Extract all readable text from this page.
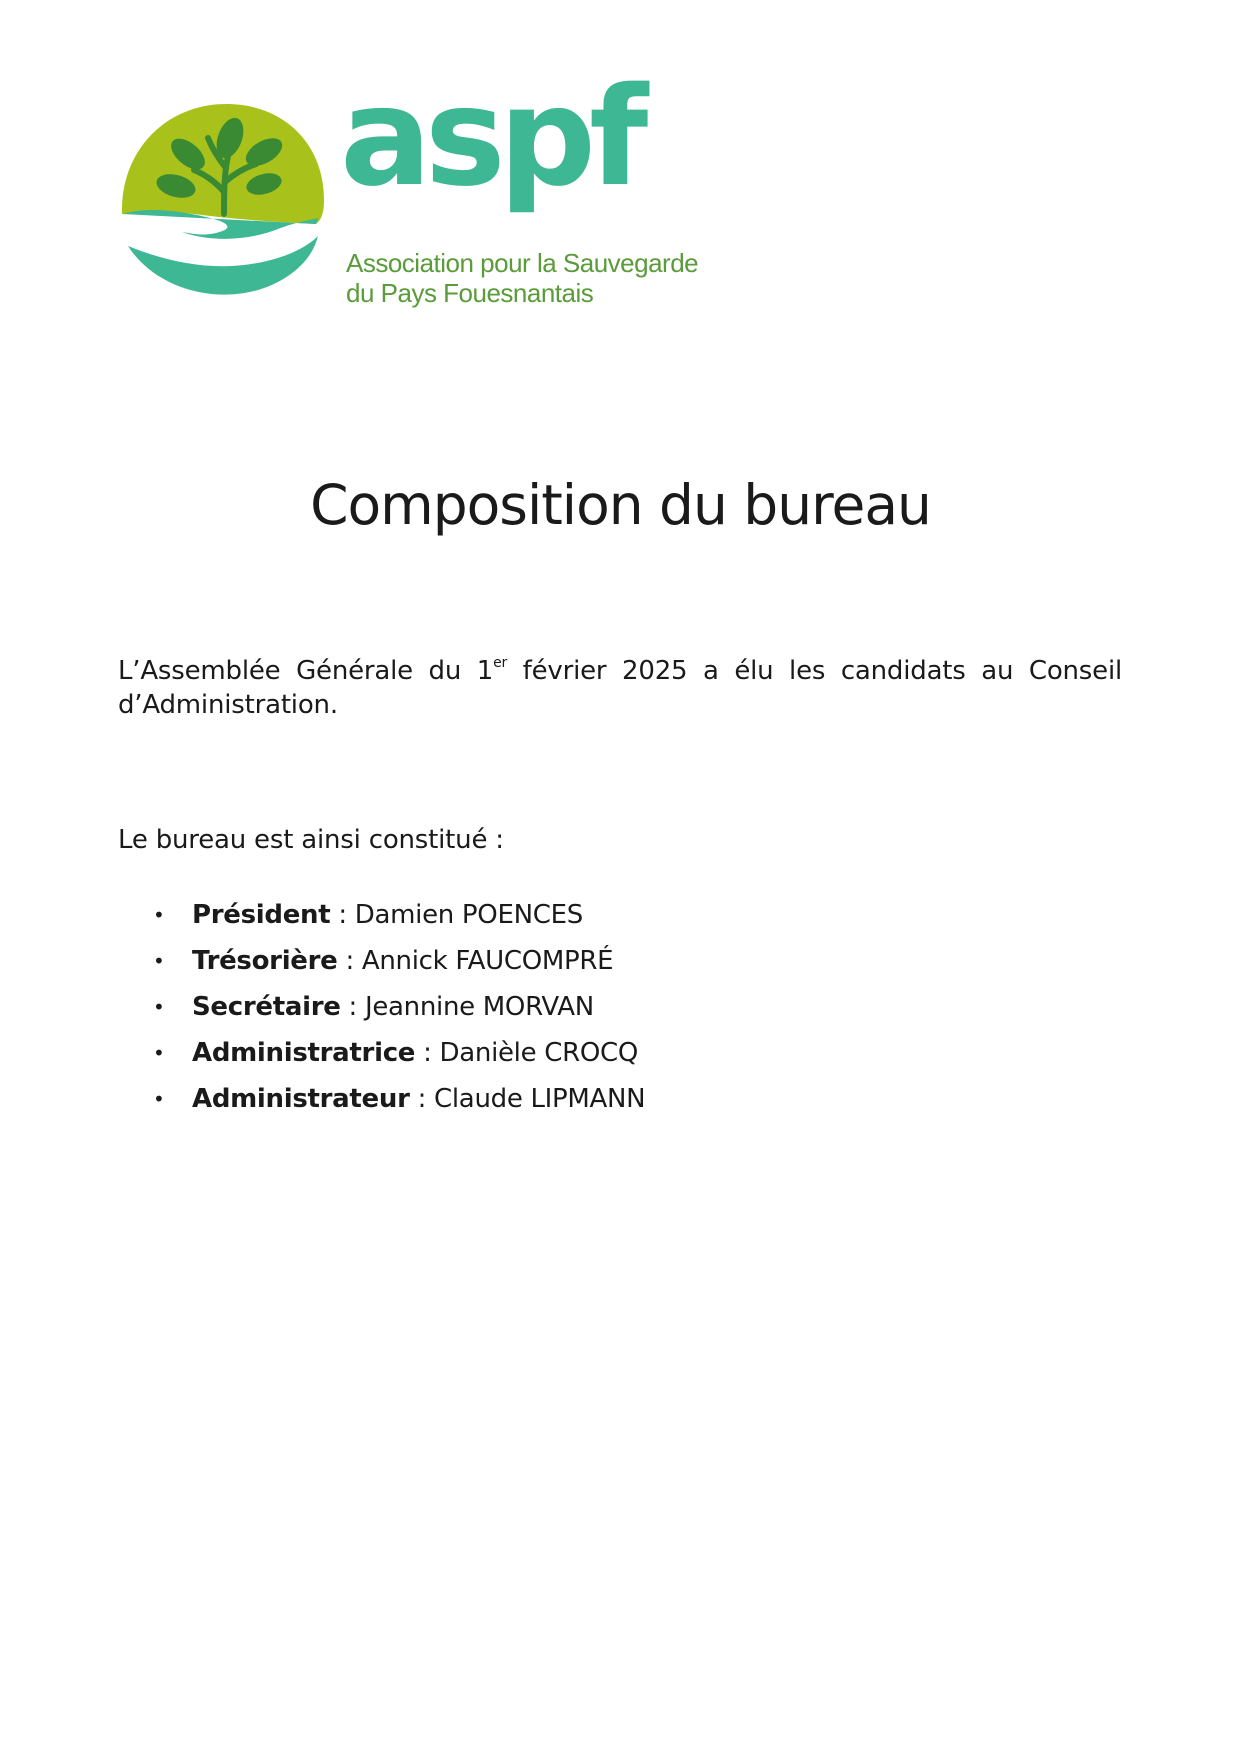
aspf
Association pour la Sauvegarde
du Pays Fouesnantais
Composition du bureau

L’Assemblée Générale du 1er février 2025 a élu les candidats au Conseil d’Administration.

Le bureau est ainsi constitué :

• Président : Damien POENCES
• Trésorière : Annick FAUCOMPRÉ
• Secrétaire : Jeannine MORVAN
• Administratrice : Danièle CROCQ
• Administrateur : Claude LIPMANN
